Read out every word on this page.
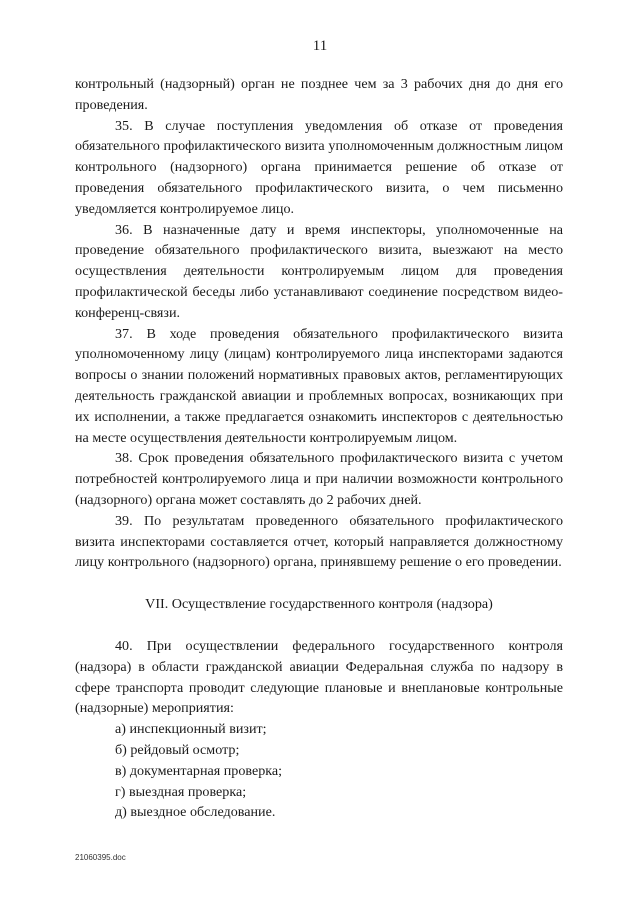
11

контрольный (надзорный) орган не позднее чем за 3 рабочих дня до дня его проведения.

35. В случае поступления уведомления об отказе от проведения обязательного профилактического визита уполномоченным должностным лицом контрольного (надзорного) органа принимается решение об отказе от проведения обязательного профилактического визита, о чем письменно уведомляется контролируемое лицо.

36. В назначенные дату и время инспекторы, уполномоченные на проведение обязательного профилактического визита, выезжают на место осуществления деятельности контролируемым лицом для проведения профилактической беседы либо устанавливают соединение посредством видео-конференц-связи.

37. В ходе проведения обязательного профилактического визита уполномоченному лицу (лицам) контролируемого лица инспекторами задаются вопросы о знании положений нормативных правовых актов, регламентирующих деятельность гражданской авиации и проблемных вопросах, возникающих при их исполнении, а также предлагается ознакомить инспекторов с деятельностью на месте осуществления деятельности контролируемым лицом.

38. Срок проведения обязательного профилактического визита с учетом потребностей контролируемого лица и при наличии возможности контрольного (надзорного) органа может составлять до 2 рабочих дней.

39. По результатам проведенного обязательного профилактического визита инспекторами составляется отчет, который направляется должностному лицу контрольного (надзорного) органа, принявшему решение о его проведении.

VII. Осуществление государственного контроля (надзора)

40. При осуществлении федерального государственного контроля (надзора) в области гражданской авиации Федеральная служба по надзору в сфере транспорта проводит следующие плановые и внеплановые контрольные (надзорные) мероприятия:

а) инспекционный визит;

б) рейдовый осмотр;

в) документарная проверка;

г) выездная проверка;

д) выездное обследование.

21060395.doc
